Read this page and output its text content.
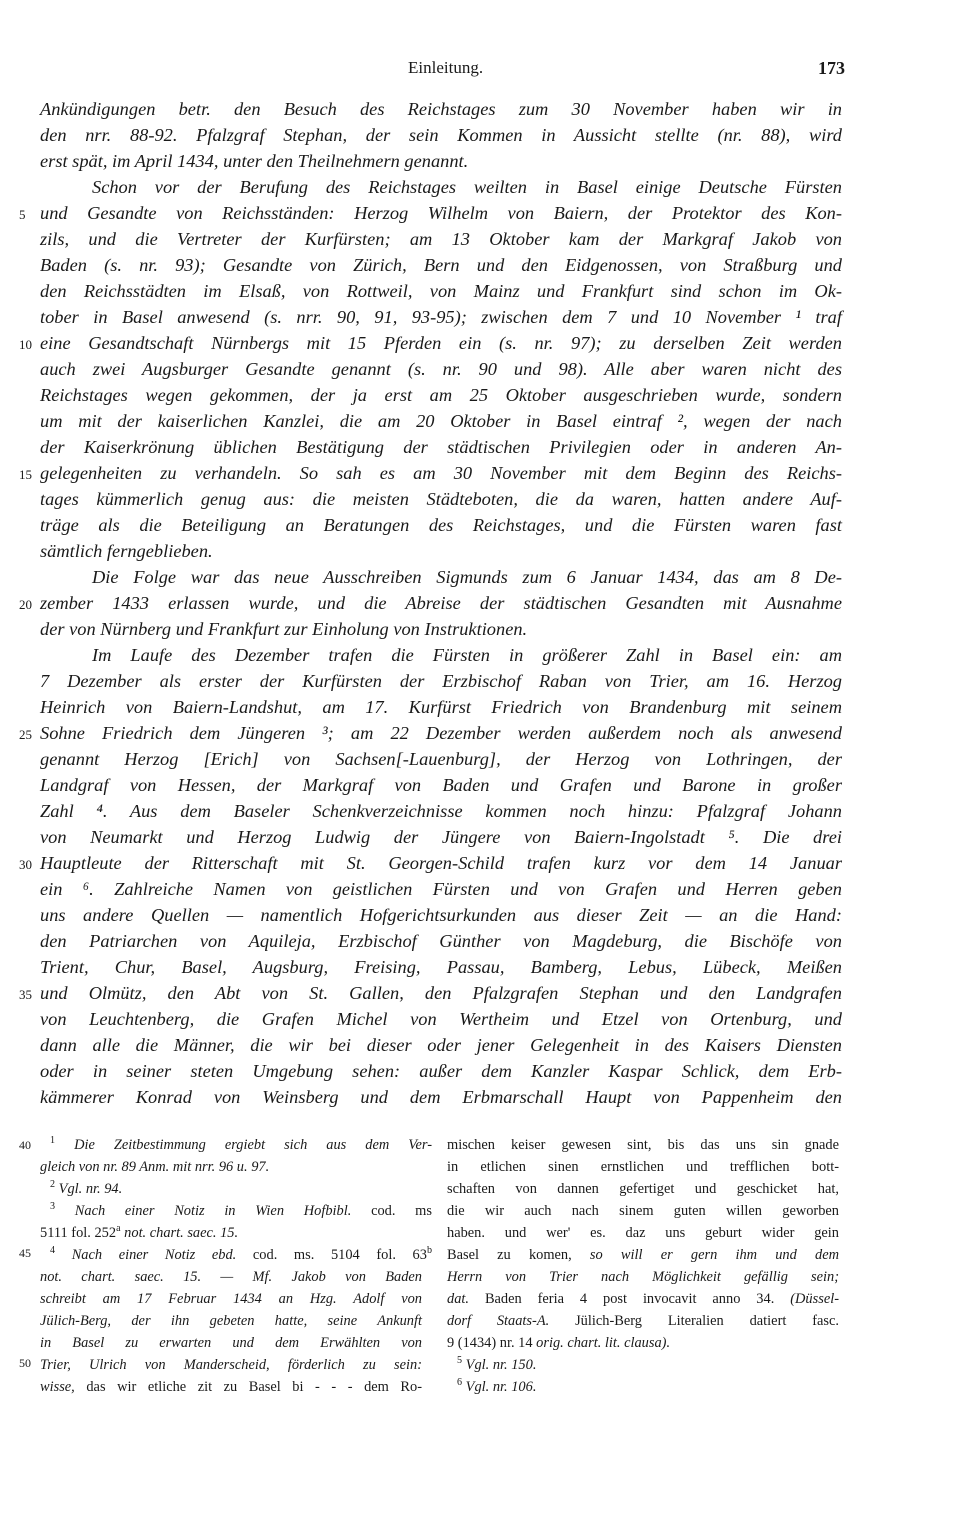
Einleitung.	173
Ankündigungen betr. den Besuch des Reichstages zum 30 November haben wir in
den nrr. 88-92. Pfalzgraf Stephan, der sein Kommen in Aussicht stellte (nr. 88), wird
erst spät, im April 1434, unter den Theilnehmern genannt.
Schon vor der Berufung des Reichstages weilten in Basel einige Deutsche Fürsten
und Gesandte von Reichsständen: Herzog Wilhelm von Baiern, der Protektor des Kon-
zils, und die Vertreter der Kurfürsten; am 13 Oktober kam der Markgraf Jakob von
Baden (s. nr. 93); Gesandte von Zürich, Bern und den Eidgenossen, von Straßburg und
den Reichsstädten im Elsaß, von Rottweil, von Mainz und Frankfurt sind schon im Ok-
tober in Basel anwesend (s. nrr. 90, 91, 93-95); zwischen dem 7 und 10 November ¹ traf
eine Gesandtschaft Nürnbergs mit 15 Pferden ein (s. nr. 97); zu derselben Zeit werden
auch zwei Augsburger Gesandte genannt (s. nr. 90 und 98). Alle aber waren nicht des
Reichstages wegen gekommen, der ja erst am 25 Oktober ausgeschrieben wurde, sondern
um mit der kaiserlichen Kanzlei, die am 20 Oktober in Basel eintraf ², wegen der nach
der Kaiserkrönung üblichen Bestätigung der städtischen Privilegien oder in anderen An-
gelegenheiten zu verhandeln. So sah es am 30 November mit dem Beginn des Reichs-
tages kümmerlich genug aus: die meisten Städteboten, die da waren, hatten andere Auf-
träge als die Beteiligung an Beratungen des Reichstages, und die Fürsten waren fast
sämtlich ferngeblieben.
Die Folge war das neue Ausschreiben Sigmunds zum 6 Januar 1434, das am 8 De-
zember 1433 erlassen wurde, und die Abreise der städtischen Gesandten mit Ausnahme
der von Nürnberg und Frankfurt zur Einholung von Instruktionen.
Im Laufe des Dezember trafen die Fürsten in größerer Zahl in Basel ein: am
7 Dezember als erster der Kurfürsten der Erzbischof Raban von Trier, am 16. Herzog
Heinrich von Baiern-Landshut, am 17. Kurfürst Friedrich von Brandenburg mit seinem
Sohne Friedrich dem Jüngeren ³; am 22 Dezember werden außerdem noch als anwesend
genannt Herzog [Erich] von Sachsen[-Lauenburg], der Herzog von Lothringen, der
Landgraf von Hessen, der Markgraf von Baden und Grafen und Barone in großer
Zahl ⁴. Aus dem Baseler Schenkverzeichnisse kommen noch hinzu: Pfalzgraf Johann
von Neumarkt und Herzog Ludwig der Jüngere von Baiern-Ingolstadt ⁵. Die drei
Hauptleute der Ritterschaft mit St. Georgen-Schild trafen kurz vor dem 14 Januar
ein ⁶. Zahlreiche Namen von geistlichen Fürsten und von Grafen und Herren geben
uns andere Quellen — namentlich Hofgerichtsurkunden aus dieser Zeit — an die Hand:
den Patriarchen von Aquileja, Erzbischof Günther von Magdeburg, die Bischöfe von
Trient, Chur, Basel, Augsburg, Freising, Passau, Bamberg, Lebus, Lübeck, Meißen
und Olmütz, den Abt von St. Gallen, den Pfalzgrafen Stephan und den Landgrafen
von Leuchtenberg, die Grafen Michel von Wertheim und Etzel von Ortenburg, und
dann alle die Männer, die wir bei dieser oder jener Gelegenheit in des Kaisers Diensten
oder in seiner steten Umgebung sehen: außer dem Kanzler Kaspar Schlick, dem Erb-
kämmerer Konrad von Weinsberg und dem Erbmarschall Haupt von Pappenheim den
5
10
15
20
25
30
35
40
45
50
$^1$ Die Zeitbestimmung ergiebt sich aus dem Ver-
gleich von nr. 89 Anm. mit nrr. 96 u. 97.
$^2$ Vgl. nr. 94.
$^3$ Nach einer Notiz in Wien Hofbibl. cod. ms
5111 fol. 252$^a$ not. chart. saec. 15.
$^4$ Nach einer Notiz ebd. cod. ms. 5104 fol. 63$^b$
not. chart. saec. 15. — Mf. Jakob von Baden
schreibt am 17 Februar 1434 an Hzg. Adolf von
Jülich-Berg, der ihn gebeten hatte, seine Ankunft
in Basel zu erwarten und dem Erwählten von
Trier, Ulrich von Manderscheid, förderlich zu sein:
wisse, das wir etliche zit zu Basel bi - - - dem Ro-
mischen keiser gewesen sint, bis das uns sin gnade
in etlichen sinen ernstlichen und trefflichen bott-
schaften von dannen gefertiget und geschicket hat,
die wir auch nach sinem guten willen geworben
haben. und wer' es. daz uns geburt wider gein
Basel zu komen, so will er gern ihm und dem
Herrn von Trier nach Möglichkeit gefällig sein;
dat. Baden feria 4 post invocavit anno 34. (Düssel-
dorf Staats-A. Jülich-Berg Literalien datiert fasc.
9 (1434) nr. 14 orig. chart. lit. clausa).
$^5$ Vgl. nr. 150.
$^6$ Vgl. nr. 106.
